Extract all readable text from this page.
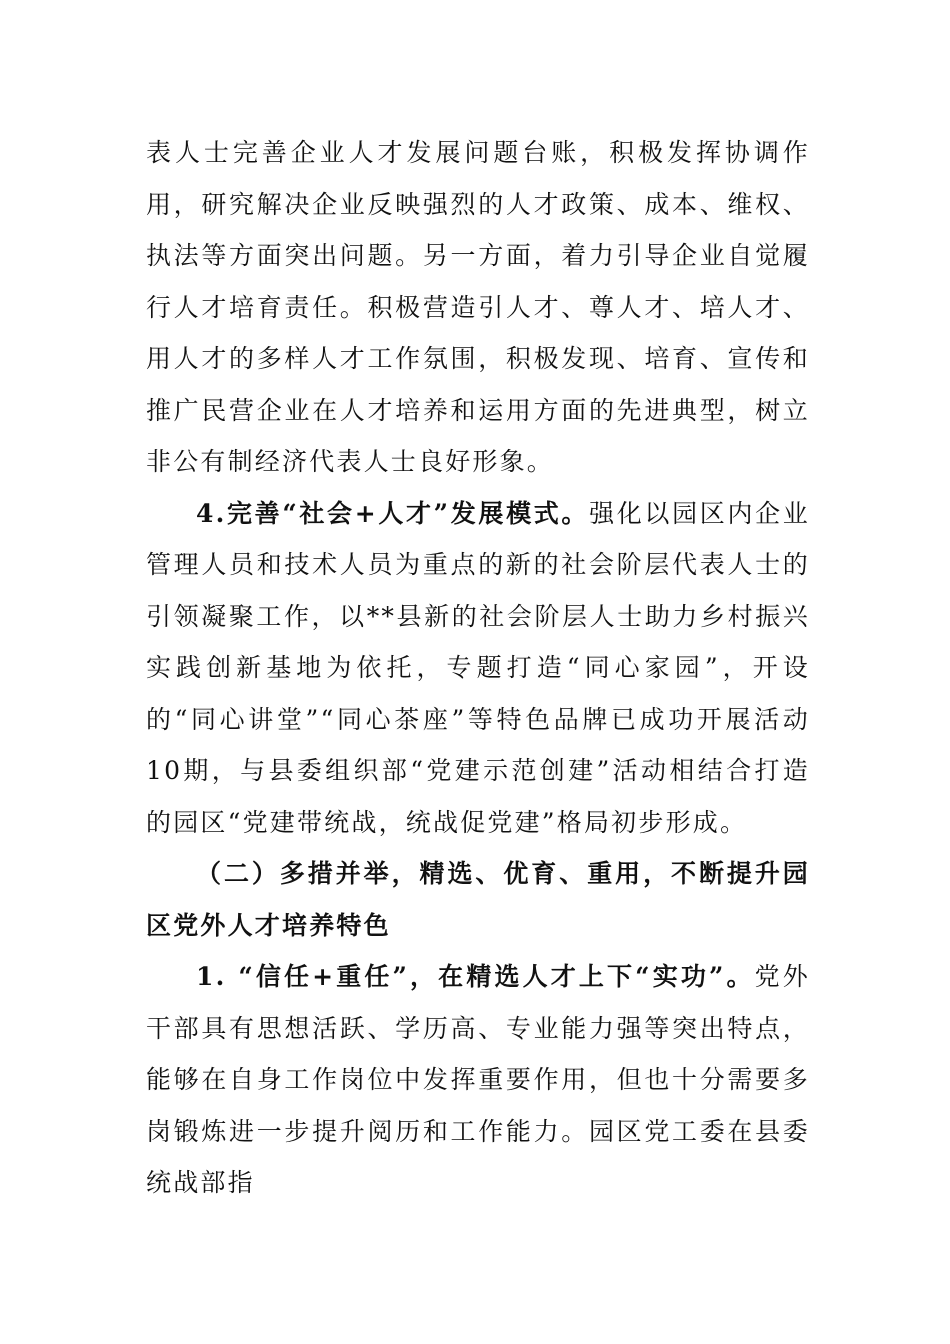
表人士完善企业人才发展问题台账，积极发挥协调作用，研究解决企业反映强烈的人才政策、成本、维权、执法等方面突出问题。另一方面，着力引导企业自觉履行人才培育责任。积极营造引人才、尊人才、培人才、用人才的多样人才工作氛围，积极发现、培育、宣传和推广民营企业在人才培养和运用方面的先进典型，树立非公有制经济代表人士良好形象。

4.完善“社会+人才”发展模式。强化以园区内企业管理人员和技术人员为重点的新的社会阶层代表人士的引领凝聚工作，以**县新的社会阶层人士助力乡村振兴实践创新基地为依托，专题打造“同心家园”，开设的“同心讲堂”“同心茶座”等特色品牌已成功开展活动10期，与县委组织部“党建示范创建”活动相结合打造的园区“党建带统战，统战促党建”格局初步形成。

（二）多措并举，精选、优育、重用，不断提升园区党外人才培养特色

1. “信任+重任”，在精选人才上下“实功”。党外干部具有思想活跃、学历高、专业能力强等突出特点，能够在自身工作岗位中发挥重要作用，但也十分需要多岗锻炼进一步提升阅历和工作能力。园区党工委在县委统战部指
